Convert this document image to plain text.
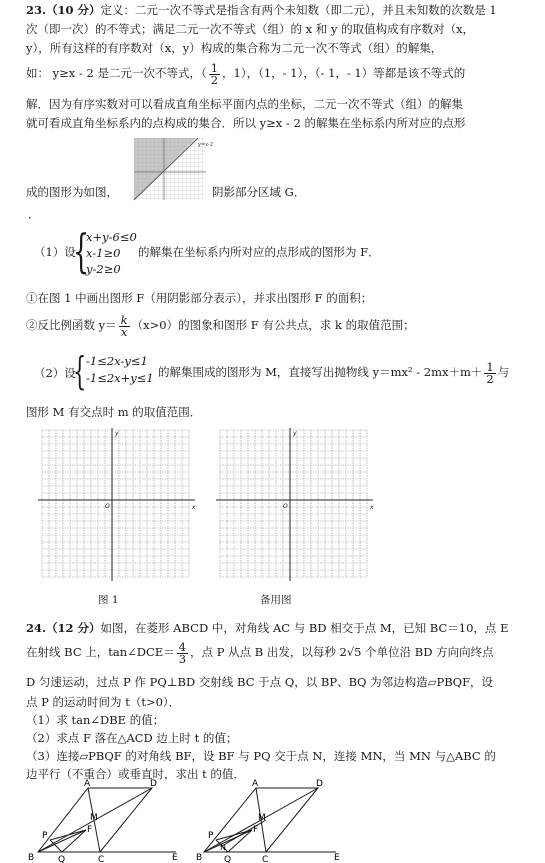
23.（10 分）定义：二元一次不等式是指含有两个未知数（即二元），并且未知数的次数是 1
次（即一次）的不等式；满足二元一次不等式（组）的 x 和 y 的取值构成有序数对（x，
y），所有这样的有序数对（x，y）构成的集合称为二元一次不等式（组）的解集，
如： y≥x - 2 是二元一次不等式，（ $\frac{1}{2}$ ，1），（1，- 1），（- 1，- 1）等都是该不等式的
解．因为有序实数对可以看成直角坐标平面内点的坐标，二元一次不等式（组）的解集
就可看成直角坐标系内的点构成的集合．所以 y≥x - 2 的解集在坐标系内所对应的点形
y=x-2
成的图形为如图，	阴影部分区域 G．
．
（1）设
{
x+y-6≤0
x-1≥0
y-2≥0
的解集在坐标系内所对应的点形成的图形为 F．
①在图 1 中画出图形 F（用阴影部分表示），并求出图形 F 的面积；
②反比例函数 $y= \frac{k}{x} (x>0)$的图象和图形 F 有公共点，求 k 的取值范围；
（2）设
{ -1≤2x-y≤1
-1≤2x+y≤1 的解集围成的图形为 M，直接写出抛物线 $y=mx^2 - 2mx+m+ \frac{1}{2}$ 与
图形 M 有交点时 m 的取值范围．
y
x
O
y
x
O
图 1	备用图
24.（12 分）如图，在菱形 ABCD 中，对角线 AC 与 BD 相交于点 M，已知 BC＝10，点 E
在射线 BC 上，tan∠DCE＝ $\frac{4}{3}$ ，点 P 从点 B 出发，以每秒 2√5 个单位沿 BD 方向向终点
D 匀速运动，过点 P 作 PQ⊥BD 交射线 BC 于点 Q，以 BP、BQ 为邻边构造▱PBQF，设
点 P 的运动时间为 t（t>0）．
（1）求 tan∠DBE 的值；
（2）求点 F 落在△ACD 边上时 t 的值；
（3）连接▱PBQF 的对角线 BF，设 BF 与 PQ 交于点 N，连接 MN，当 MN 与△ABC 的
边平行（不重合）或垂直时，求出 t 的值．
A	D
M
P
F
B	Q	C	E
A	D
M
P
F
N
B Q	C	E
